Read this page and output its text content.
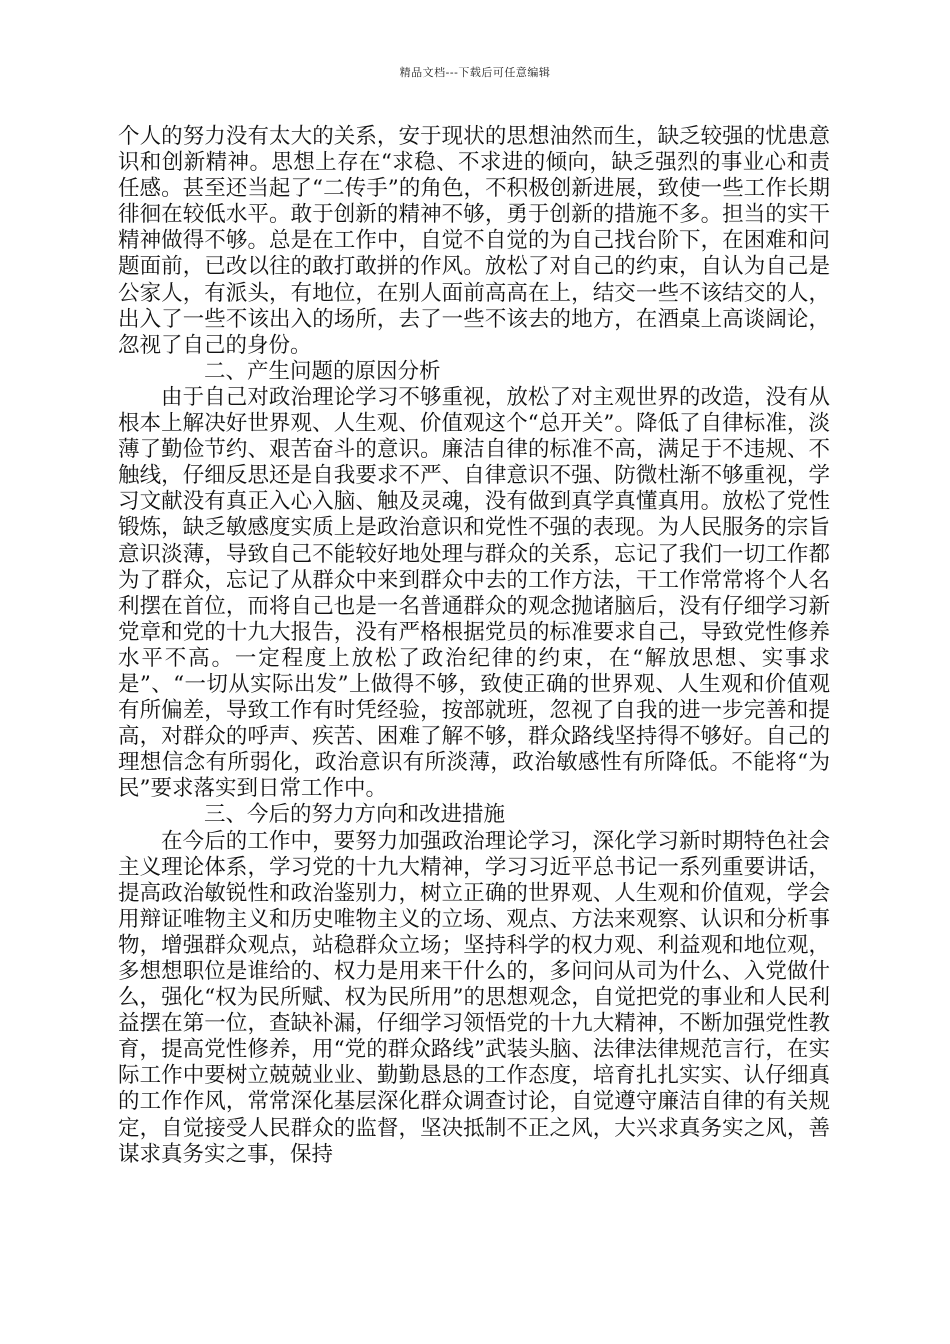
精品文档---下载后可任意编辑

个人的努力没有太大的关系，安于现状的思想油然而生，缺乏较强的忧患意识和创新精神。思想上存在“求稳、不求进的倾向，缺乏强烈的事业心和责任感。甚至还当起了“二传手”的角色，不积极创新进展，致使一些工作长期徘徊在较低水平。敢于创新的精神不够，勇于创新的措施不多。担当的实干精神做得不够。总是在工作中，自觉不自觉的为自己找台阶下，在困难和问题面前，已改以往的敢打敢拼的作风。放松了对自己的约束，自认为自己是公家人，有派头，有地位，在别人面前高高在上，结交一些不该结交的人，出入了一些不该出入的场所，去了一些不该去的地方，在酒桌上高谈阔论，忽视了自己的身份。

二、产生问题的原因分析

由于自己对政治理论学习不够重视，放松了对主观世界的改造，没有从根本上解决好世界观、人生观、价值观这个“总开关”。降低了自律标准，淡薄了勤俭节约、艰苦奋斗的意识。廉洁自律的标准不高，满足于不违规、不触线，仔细反思还是自我要求不严、自律意识不强、防微杜渐不够重视，学习文献没有真正入心入脑、触及灵魂，没有做到真学真懂真用。放松了党性锻炼，缺乏敏感度实质上是政治意识和党性不强的表现。为人民服务的宗旨意识淡薄，导致自己不能较好地处理与群众的关系，忘记了我们一切工作都为了群众，忘记了从群众中来到群众中去的工作方法，干工作常常将个人名利摆在首位，而将自己也是一名普通群众的观念抛诸脑后，没有仔细学习新党章和党的十九大报告，没有严格根据党员的标准要求自己，导致党性修养水平不高。一定程度上放松了政治纪律的约束，在“解放思想、实事求是”、“一切从实际出发”上做得不够，致使正确的世界观、人生观和价值观有所偏差，导致工作有时凭经验，按部就班，忽视了自我的进一步完善和提高，对群众的呼声、疾苦、困难了解不够，群众路线坚持得不够好。自己的理想信念有所弱化，政治意识有所淡薄，政治敏感性有所降低。不能将“为民”要求落实到日常工作中。

三、今后的努力方向和改进措施

在今后的工作中，要努力加强政治理论学习，深化学习新时期特色社会主义理论体系，学习党的十九大精神，学习习近平总书记一系列重要讲话，提高政治敏锐性和政治鉴别力，树立正确的世界观、人生观和价值观，学会用辩证唯物主义和历史唯物主义的立场、观点、方法来观察、认识和分析事物，增强群众观点，站稳群众立场；坚持科学的权力观、利益观和地位观，多想想职位是谁给的、权力是用来干什么的，多问问从司为什么、入党做什么，强化“权为民所赋、权为民所用”的思想观念，自觉把党的事业和人民利益摆在第一位，查缺补漏，仔细学习领悟党的十九大精神，不断加强党性教育，提高党性修养，用“党的群众路线”武装头脑、法律法律规范言行，在实际工作中要树立兢兢业业、勤勤恳恳的工作态度，培育扎扎实实、认仔细真的工作作风，常常深化基层深化群众调查讨论，自觉遵守廉洁自律的有关规定，自觉接受人民群众的监督，坚决抵制不正之风，大兴求真务实之风，善谋求真务实之事，保持
